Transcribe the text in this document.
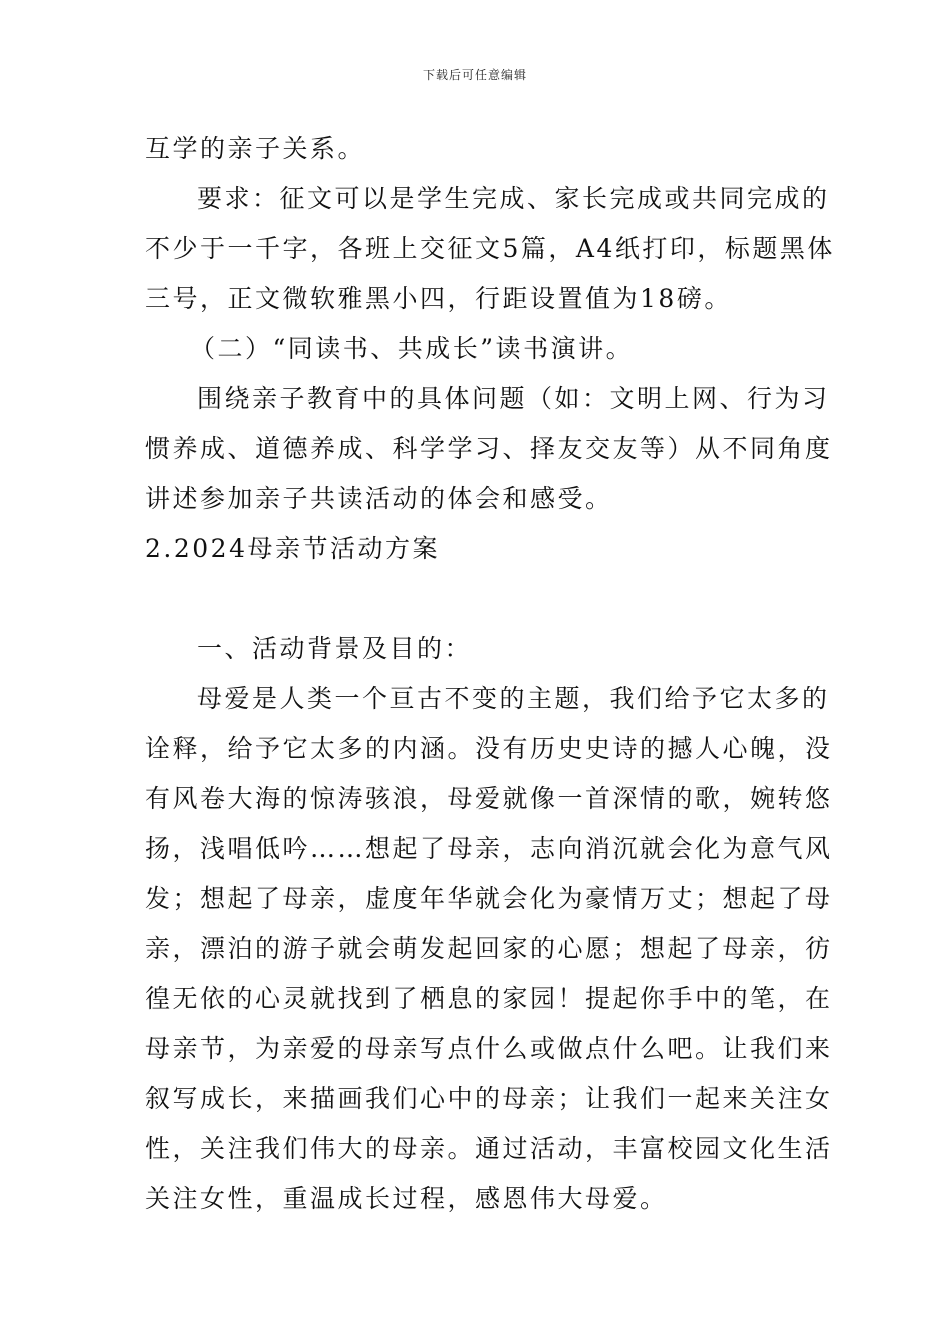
下载后可任意编辑
互学的亲子关系。
要求：征文可以是学生完成、家长完成或共同完成的
不少于一千字，各班上交征文5篇，A4纸打印，标题黑体
三号，正文微软雅黑小四，行距设置值为18磅。
（二）“同读书、共成长”读书演讲。
围绕亲子教育中的具体问题（如：文明上网、行为习
惯养成、道德养成、科学学习、择友交友等）从不同角度
讲述参加亲子共读活动的体会和感受。
2.2024母亲节活动方案
一、活动背景及目的：
母爱是人类一个亘古不变的主题，我们给予它太多的
诠释，给予它太多的内涵。没有历史史诗的撼人心魄，没
有风卷大海的惊涛骇浪，母爱就像一首深情的歌，婉转悠
扬，浅唱低吟……想起了母亲，志向消沉就会化为意气风
发；想起了母亲，虚度年华就会化为豪情万丈；想起了母
亲，漂泊的游子就会萌发起回家的心愿；想起了母亲，彷
徨无依的心灵就找到了栖息的家园！提起你手中的笔，在
母亲节，为亲爱的母亲写点什么或做点什么吧。让我们来
叙写成长，来描画我们心中的母亲；让我们一起来关注女
性，关注我们伟大的母亲。通过活动，丰富校园文化生活
关注女性，重温成长过程，感恩伟大母爱。
